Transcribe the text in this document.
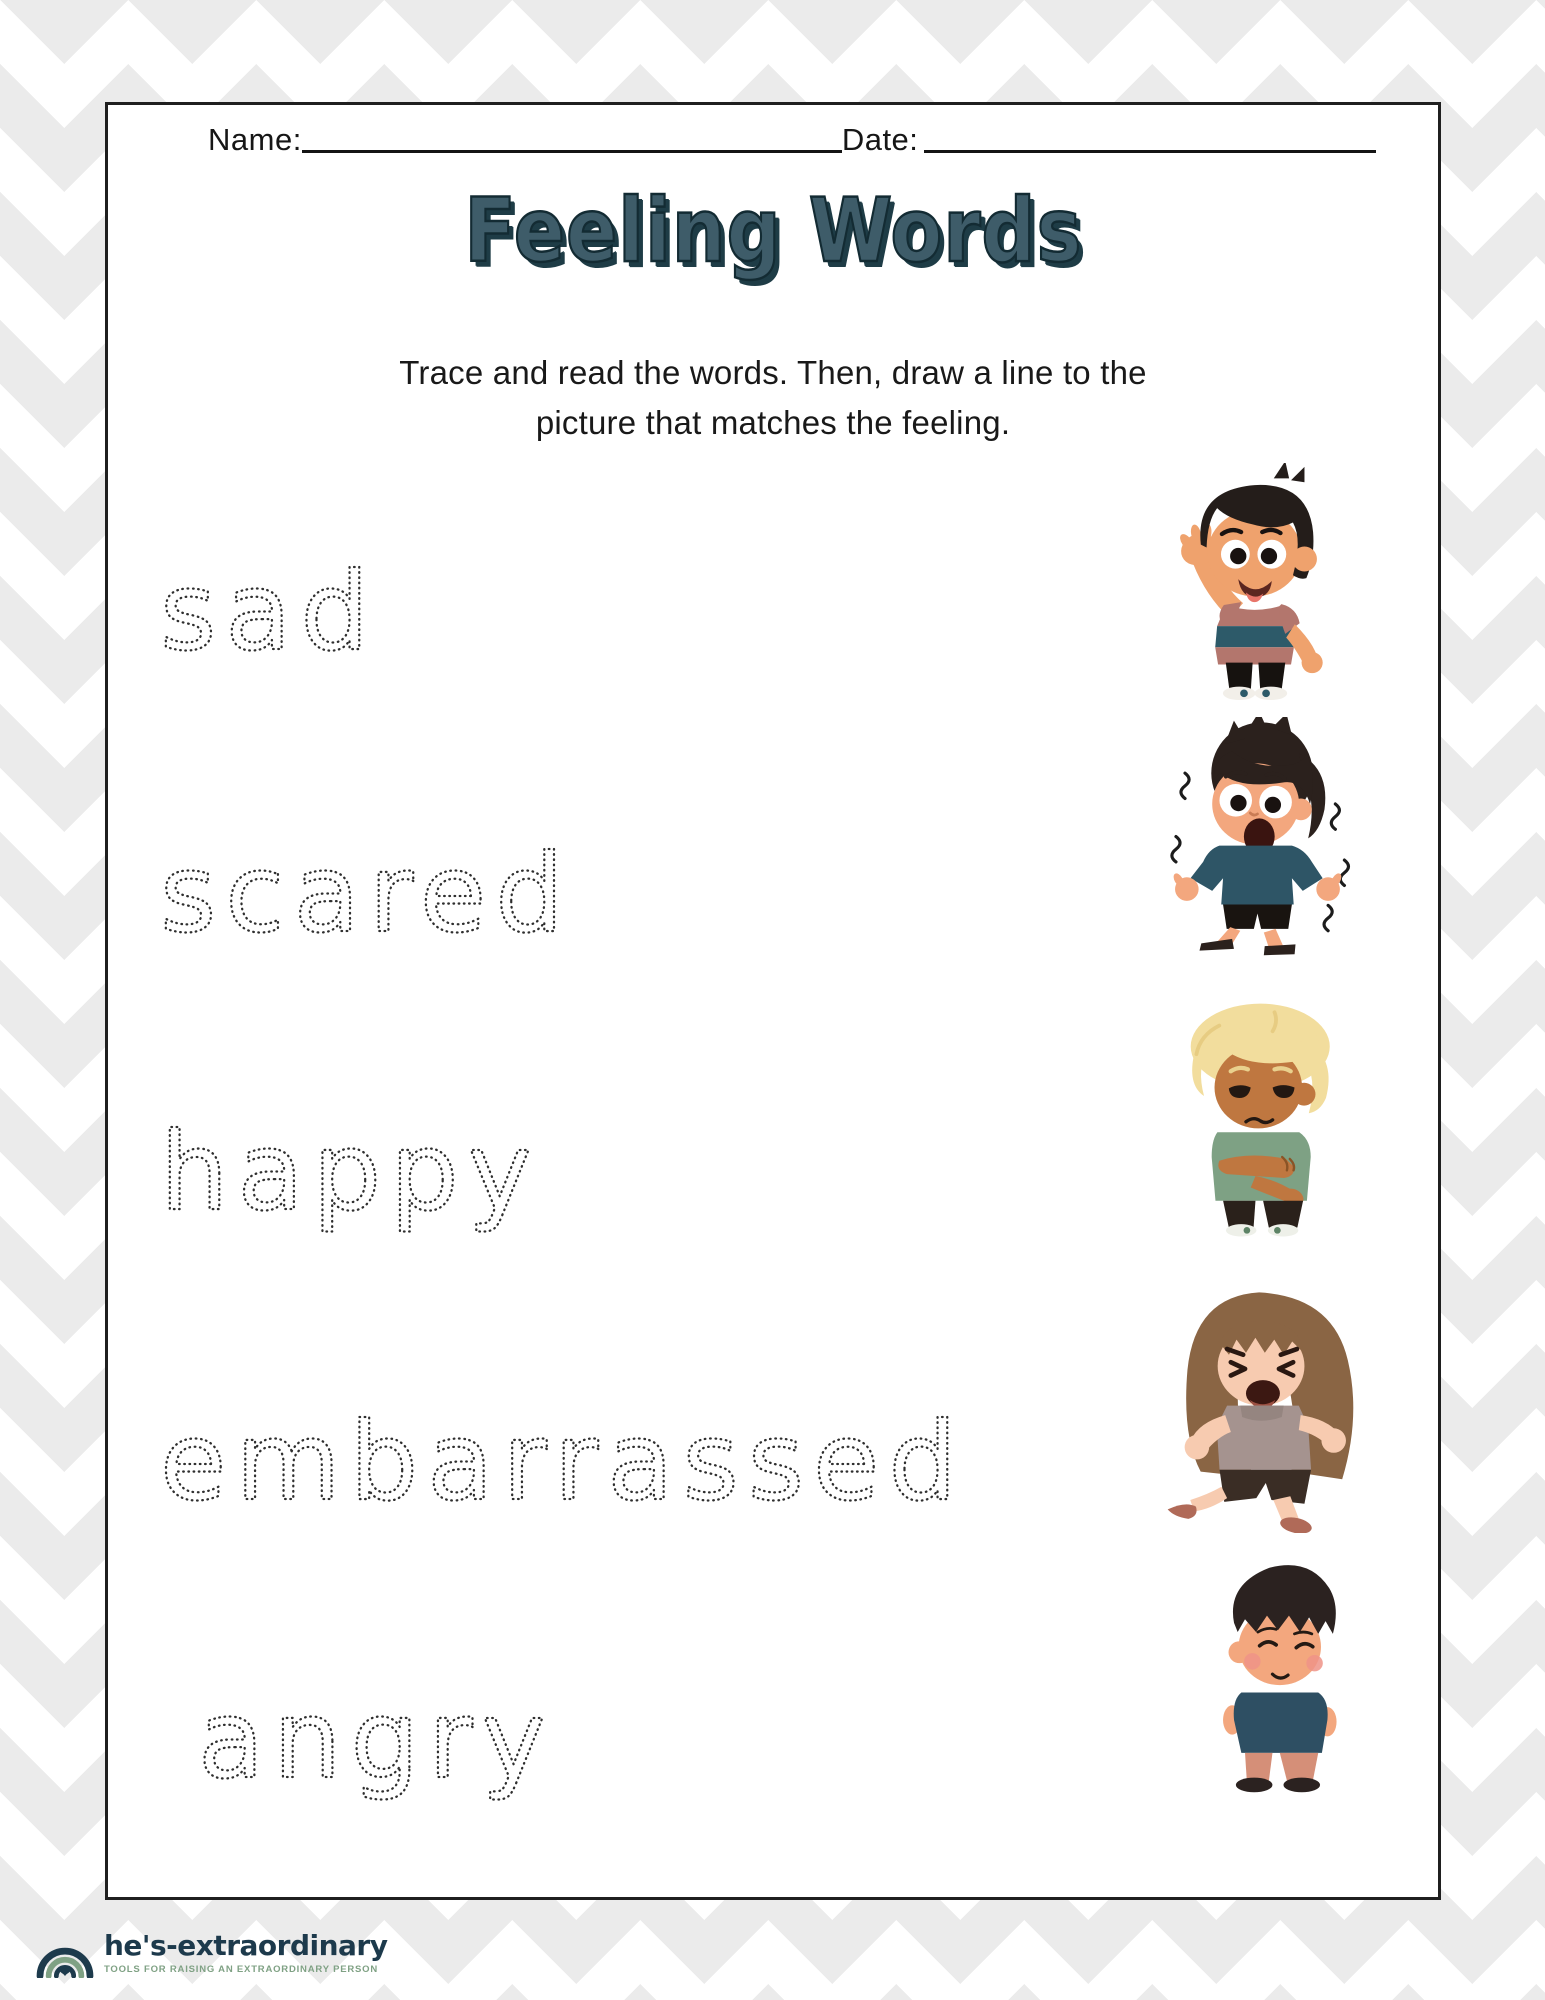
Name:	Date:
Feeling Words
Trace and read the words. Then, draw a line to the
picture that matches the feeling.
sad
scared
happy
embarrassed
angry
he's-extraordinary
TOOLS FOR RAISING AN EXTRAORDINARY PERSON
